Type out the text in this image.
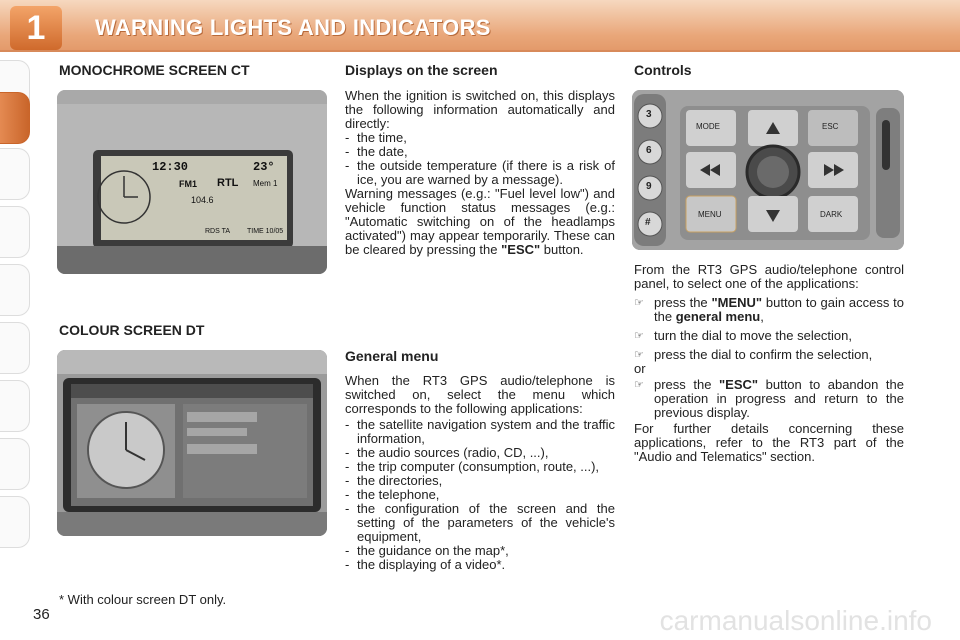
1	WARNING LIGHTS AND INDICATORS
MONOCHROME SCREEN CT
12:30	23°
FM1 RTL Mem 1
104.6
RDS TA TIME 10/05
COLOUR SCREEN DT
* With colour screen DT only.
36
Displays on the screen

When the ignition is switched on, this displays the following information automatically and directly:

- the time,
- the date,
- the outside temperature (if there is a risk of ice, you are warned by a message).

Warning messages (e.g.: "Fuel level low") and vehicle function status messages (e.g.: "Automatic switching on of the headlamps activated") may appear temporarily. These can be cleared by pressing the "ESC" button.

General menu

When the RT3 GPS audio/telephone is switched on, select the menu which corresponds to the following applications:

- the satellite navigation system and the traffic information,
- the audio sources (radio, CD, ...),
- the trip computer (consumption, route, ...),
- the directories,
- the telephone,
- the configuration of the screen and the setting of the parameters of the vehicle's equipment,
- the guidance on the map*,
- the displaying of a video*.
Controls
MODE	ESC
MENU	DARK
3
6
9
#

From the RT3 GPS audio/telephone control panel, to select one of the applications:

☞ press the "MENU" button to gain access to the general menu,
☞ turn the dial to move the selection,
☞ press the dial to confirm the selection,

or

☞ press the "ESC" button to abandon the operation in progress and return to the previous display.

For further details concerning these applications, refer to the RT3 part of the "Audio and Telematics" section.

carmanualsonline.info
